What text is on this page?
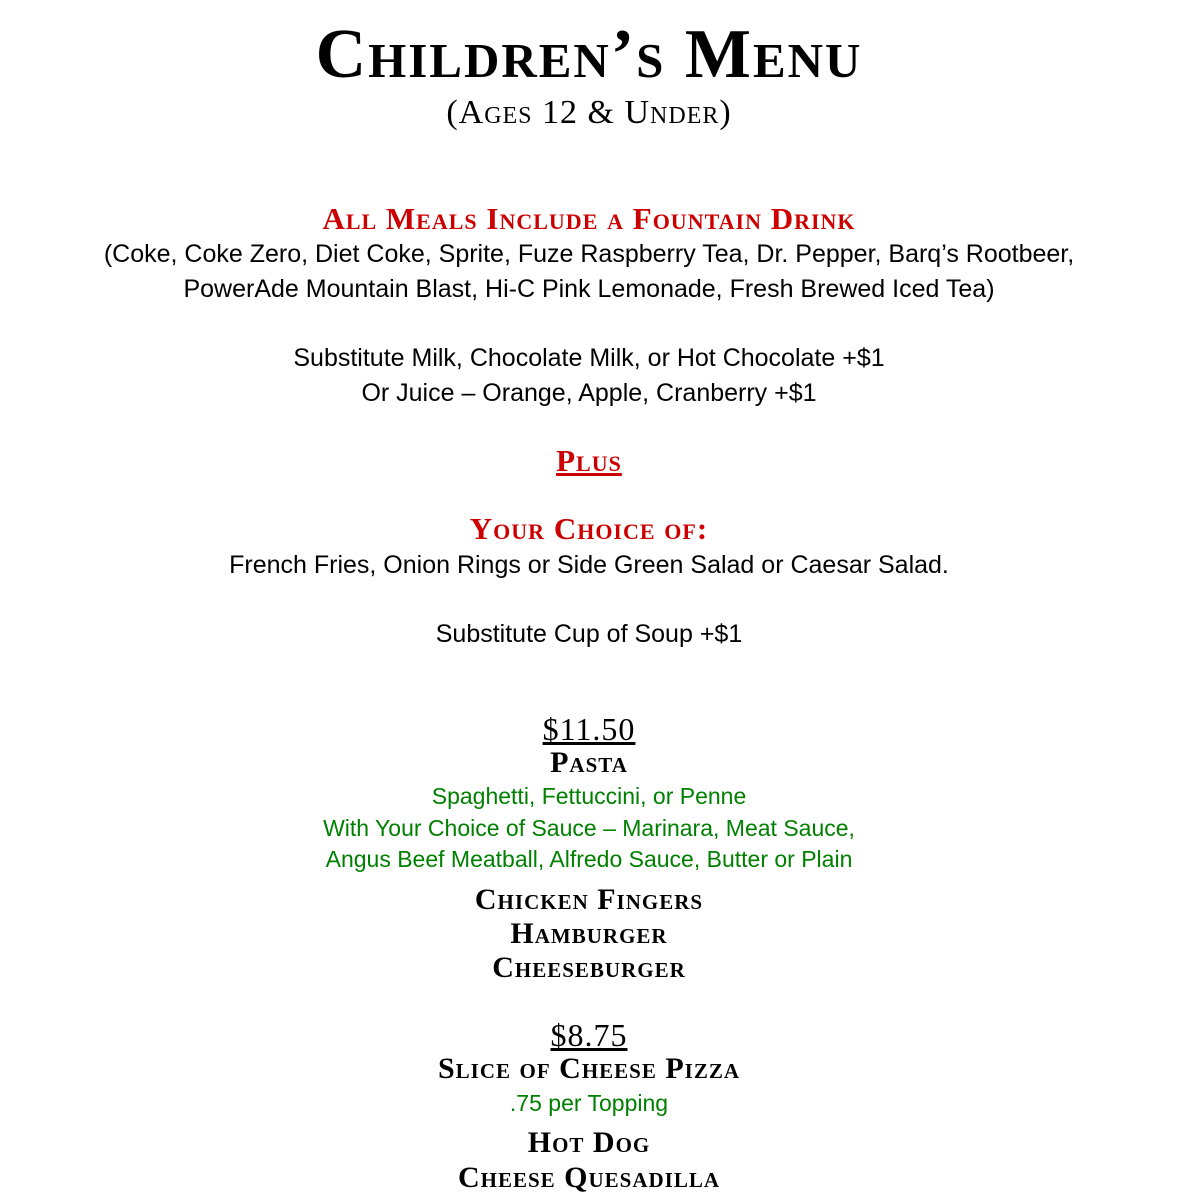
Children’s Menu
(Ages 12 & Under)
All Meals Include a Fountain Drink
(Coke, Coke Zero, Diet Coke, Sprite, Fuze Raspberry Tea, Dr. Pepper, Barq’s Rootbeer,
PowerAde Mountain Blast, Hi-C Pink Lemonade, Fresh Brewed Iced Tea)
Substitute Milk, Chocolate Milk, or Hot Chocolate +$1
Or Juice – Orange, Apple, Cranberry +$1
Plus
Your Choice of:
French Fries, Onion Rings or Side Green Salad or Caesar Salad.
Substitute Cup of Soup +$1
$11.50
Pasta
Spaghetti, Fettuccini, or Penne
With Your Choice of Sauce – Marinara, Meat Sauce,
Angus Beef Meatball, Alfredo Sauce, Butter or Plain
Chicken Fingers
Hamburger
Cheeseburger
$8.75
Slice of Cheese Pizza
.75 per Topping
Hot Dog
Cheese Quesadilla
